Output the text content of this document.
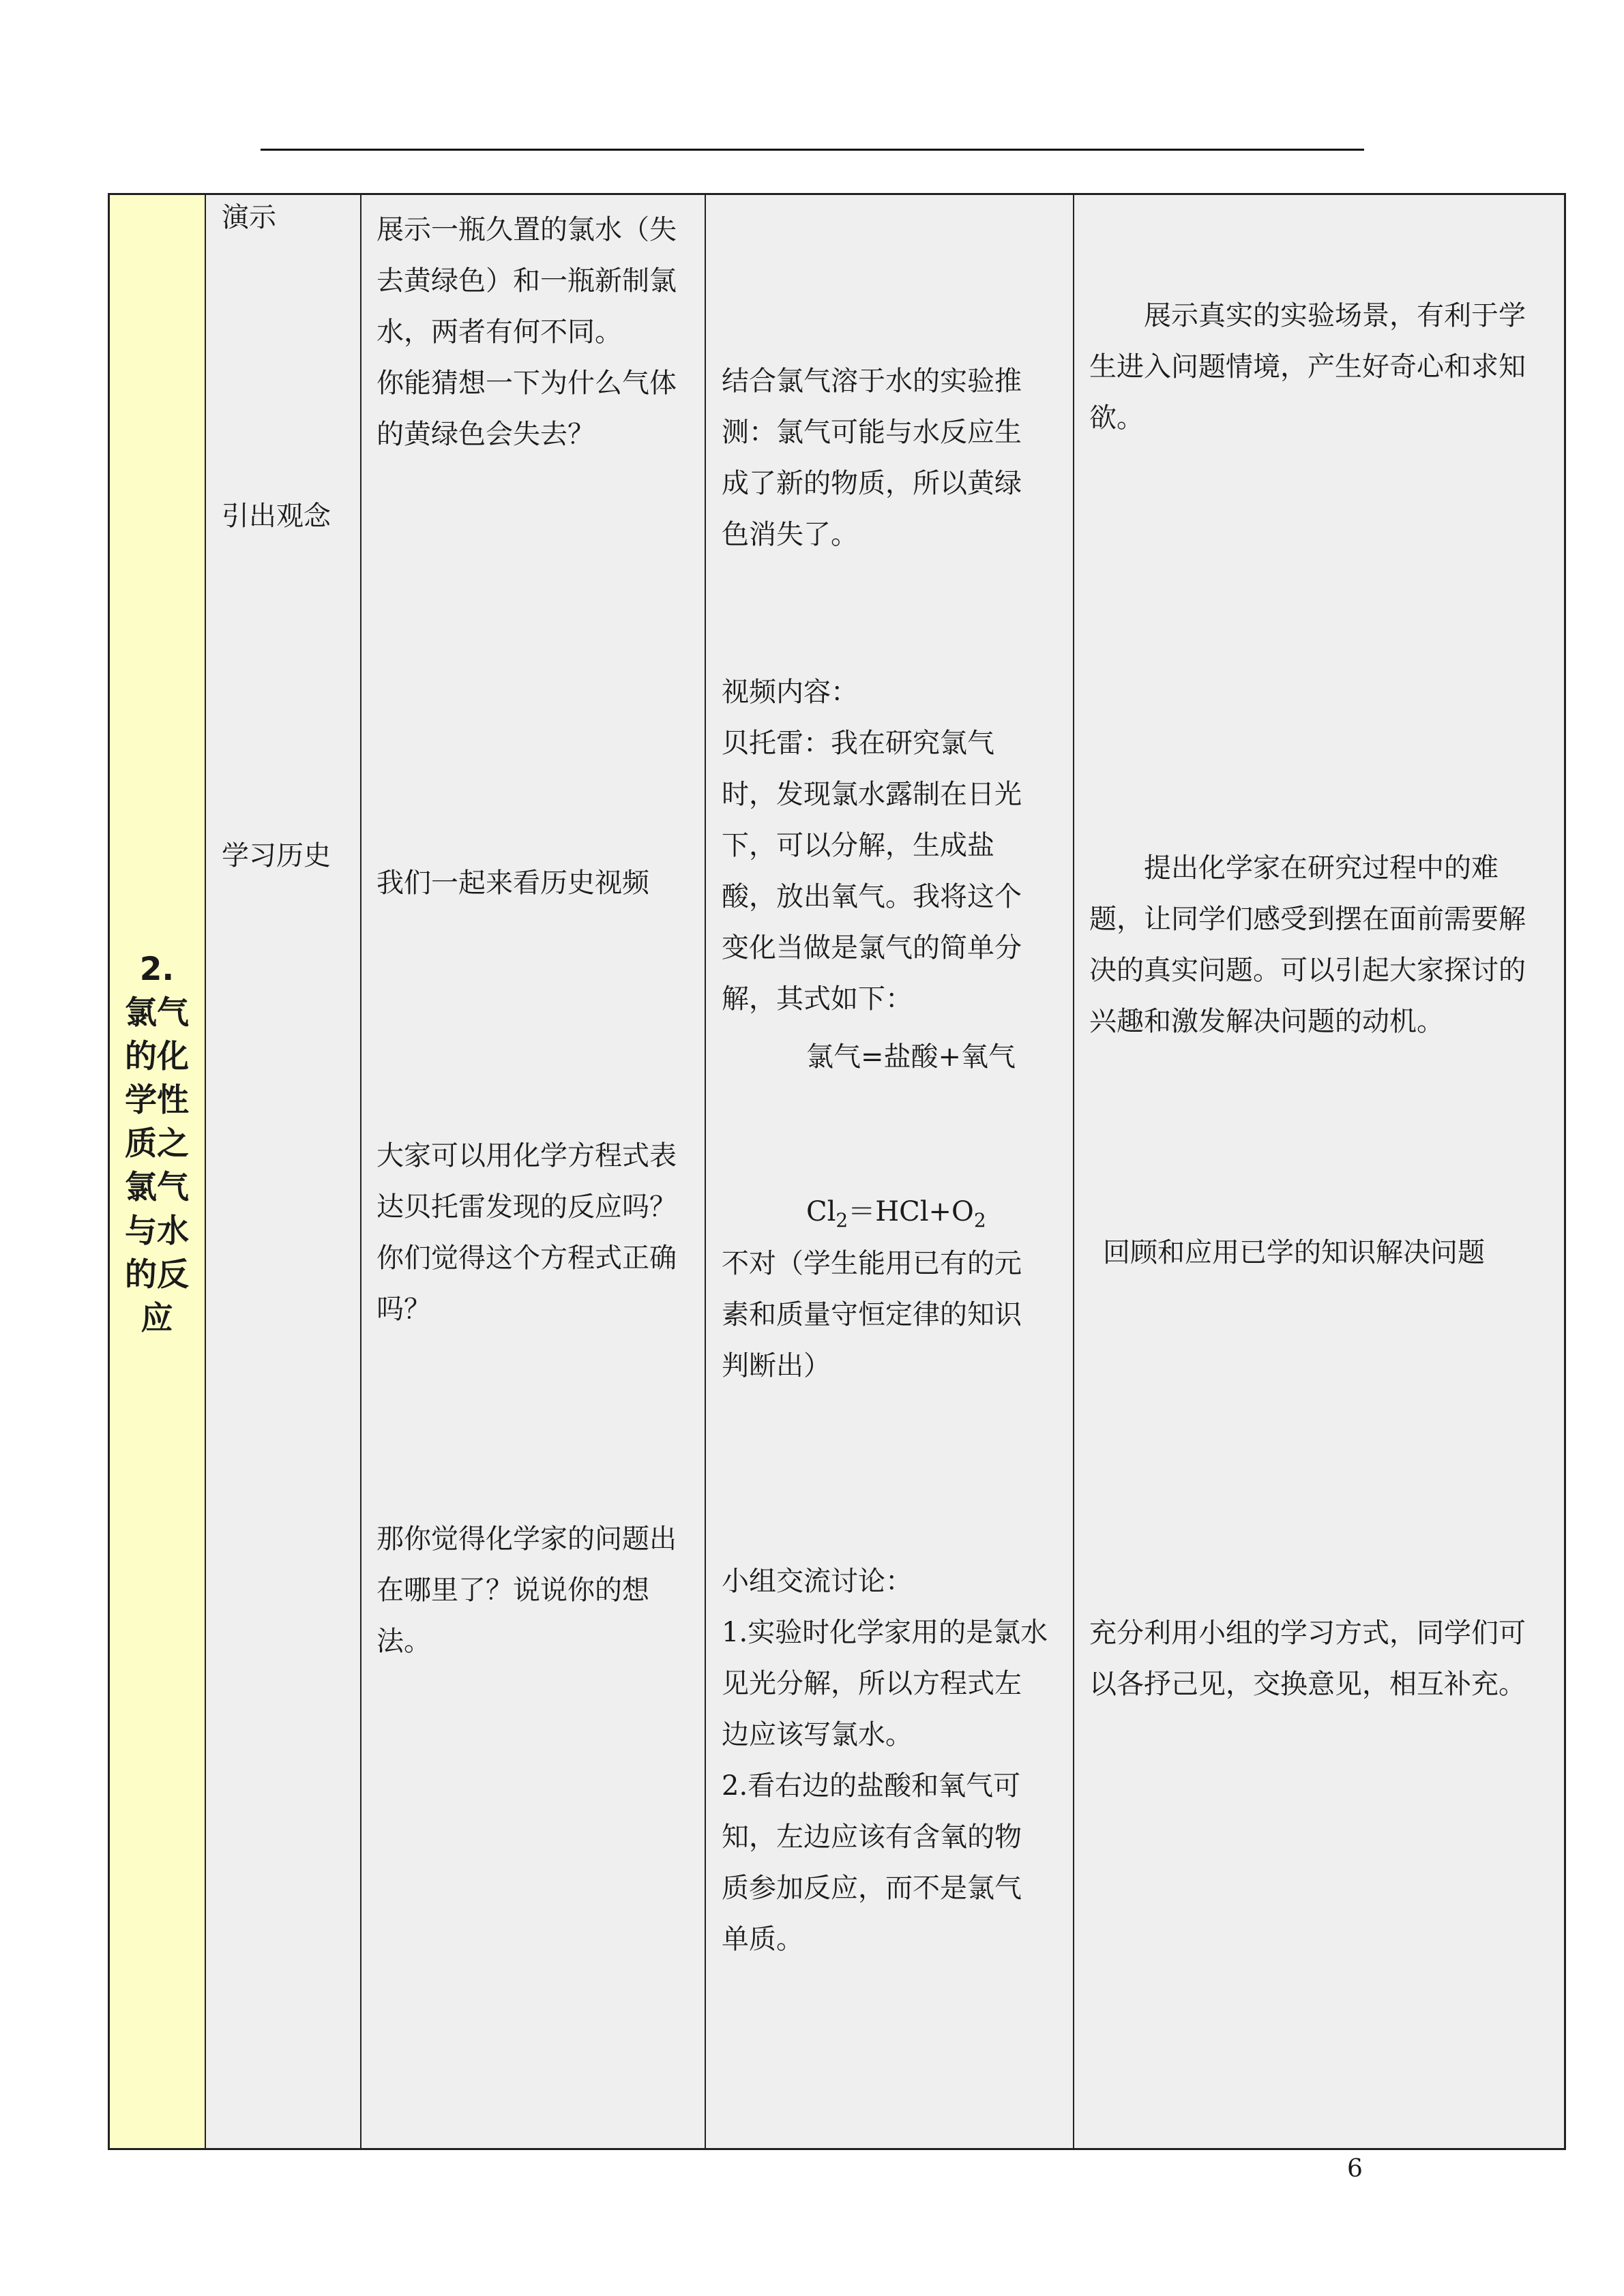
2.
氯气的化学性质之氯气与水的反应
演示
引出观念
学习历史
展示一瓶久置的氯水（失
去黄绿色）和一瓶新制氯
水，两者有何不同。
你能猜想一下为什么气体
的黄绿色会失去？
我们一起来看历史视频
大家可以用化学方程式表
达贝托雷发现的反应吗？
你们觉得这个方程式正确
吗？
那你觉得化学家的问题出
在哪里了？说说你的想
法。
结合氯气溶于水的实验推
测：氯气可能与水反应生
成了新的物质，所以黄绿
色消失了。
视频内容：
贝托雷：我在研究氯气
时，发现氯水露制在日光
下，可以分解，生成盐
酸，放出氧气。我将这个
变化当做是氯气的简单分
解，其式如下：
氯气=盐酸+氧气
$Cl_2=HCl+O_2$
不对（学生能用已有的元
素和质量守恒定律的知识
判断出）
小组交流讨论：
1.实验时化学家用的是氯水
见光分解，所以方程式左
边应该写氯水。
2.看右边的盐酸和氧气可
知，左边应该有含氧的物
质参加反应，而不是氯气
单质。
展示真实的实验场景，有利于学
生进入问题情境，产生好奇心和求知
欲。
提出化学家在研究过程中的难
题，让同学们感受到摆在面前需要解
决的真实问题。可以引起大家探讨的
兴趣和激发解决问题的动机。
回顾和应用已学的知识解决问题
充分利用小组的学习方式，同学们可
以各抒己见，交换意见，相互补充。
6
